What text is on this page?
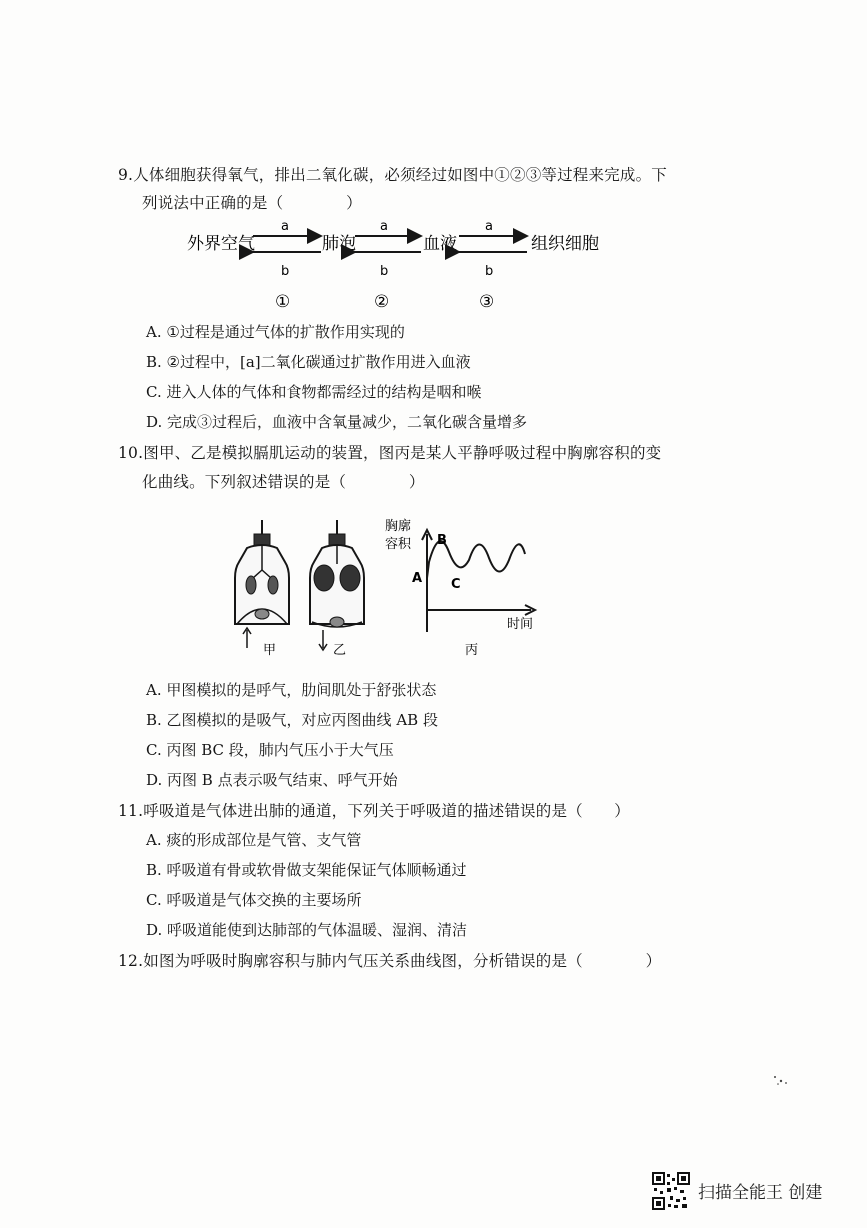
9.人体细胞获得氧气，排出二氧化碳，必须经过如图中①②③等过程来完成。下
列说法中正确的是（　　　　）
外界空气	肺泡	血液	组织细胞
a	a	a
b	b	b
①	②	③
A. ①过程是通过气体的扩散作用实现的
B. ②过程中，[a]二氧化碳通过扩散作用进入血液
C. 进入人体的气体和食物都需经过的结构是咽和喉
D. 完成③过程后，血液中含氧量减少，二氧化碳含量增多
10.图甲、乙是模拟膈肌运动的装置，图丙是某人平静呼吸过程中胸廓容积的变
化曲线。下列叙述错误的是（　　　　）
胸廓
容积
时间
A
B
C
甲	乙	丙
A. 甲图模拟的是呼气，肋间肌处于舒张状态
B. 乙图模拟的是吸气，对应丙图曲线 AB 段
C. 丙图 BC 段，肺内气压小于大气压
D. 丙图 B 点表示吸气结束、呼气开始
11.呼吸道是气体进出肺的通道，下列关于呼吸道的描述错误的是（　　）
A. 痰的形成部位是气管、支气管
B. 呼吸道有骨或软骨做支架能保证气体顺畅通过
C. 呼吸道是气体交换的主要场所
D. 呼吸道能使到达肺部的气体温暖、湿润、清洁
12.如图为呼吸时胸廓容积与肺内气压关系曲线图，分析错误的是（　　　　）
扫描全能王 创建
